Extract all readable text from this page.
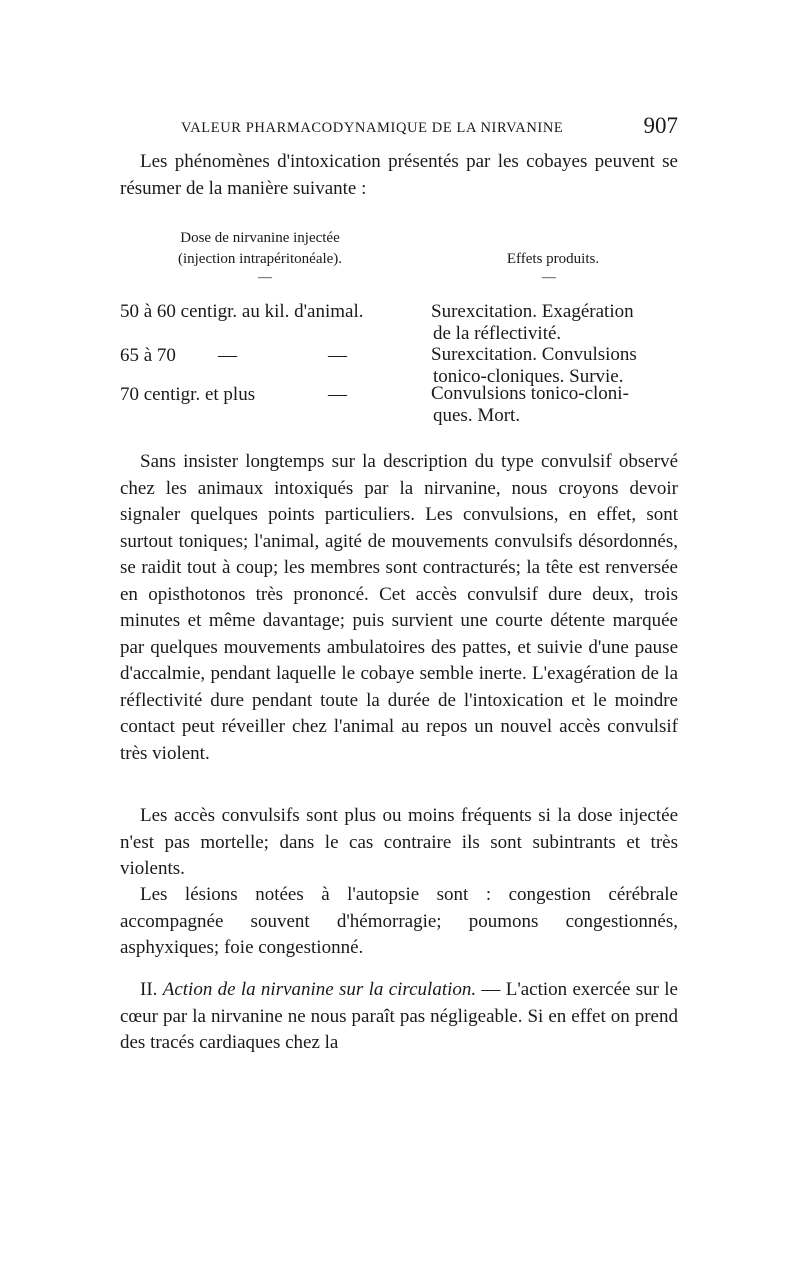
VALEUR PHARMACODYNAMIQUE DE LA NIRVANINE	907

Les phénomènes d'intoxication présentés par les cobayes peuvent se résumer de la manière suivante :

Dose de nirvanine injectée
(injection intrapéritonéale).	Effets produits.
—	—
50 à 60 centigr. au kil. d'animal.	Surexcitation. Exagération
de la réflectivité.

65 à 70 —	—	Surexcitation. Convulsions
tonico-cloniques. Survie.

70 centigr. et plus	—	Convulsions tonico-cloni-
ques. Mort.

Sans insister longtemps sur la description du type convulsif observé chez les animaux intoxiqués par la nirvanine, nous croyons devoir signaler quelques points particuliers. Les convulsions, en effet, sont surtout toniques; l'animal, agité de mouvements convulsifs désordonnés, se raidit tout à coup; les membres sont contracturés; la tête est renversée en opisthotonos très prononcé. Cet accès convulsif dure deux, trois minutes et même davantage; puis survient une courte détente marquée par quelques mouvements ambulatoires des pattes, et suivie d'une pause d'accalmie, pendant laquelle le cobaye semble inerte. L'exagération de la réflectivité dure pendant toute la durée de l'intoxication et le moindre contact peut réveiller chez l'animal au repos un nouvel accès convulsif très violent.

Les accès convulsifs sont plus ou moins fréquents si la dose injectée n'est pas mortelle; dans le cas contraire ils sont subintrants et très violents.

Les lésions notées à l'autopsie sont : congestion cérébrale accompagnée souvent d'hémorragie; poumons congestionnés, asphyxiques; foie congestionné.

II. Action de la nirvanine sur la circulation. — L'action exercée sur le cœur par la nirvanine ne nous paraît pas négligeable. Si en effet on prend des tracés cardiaques chez la
